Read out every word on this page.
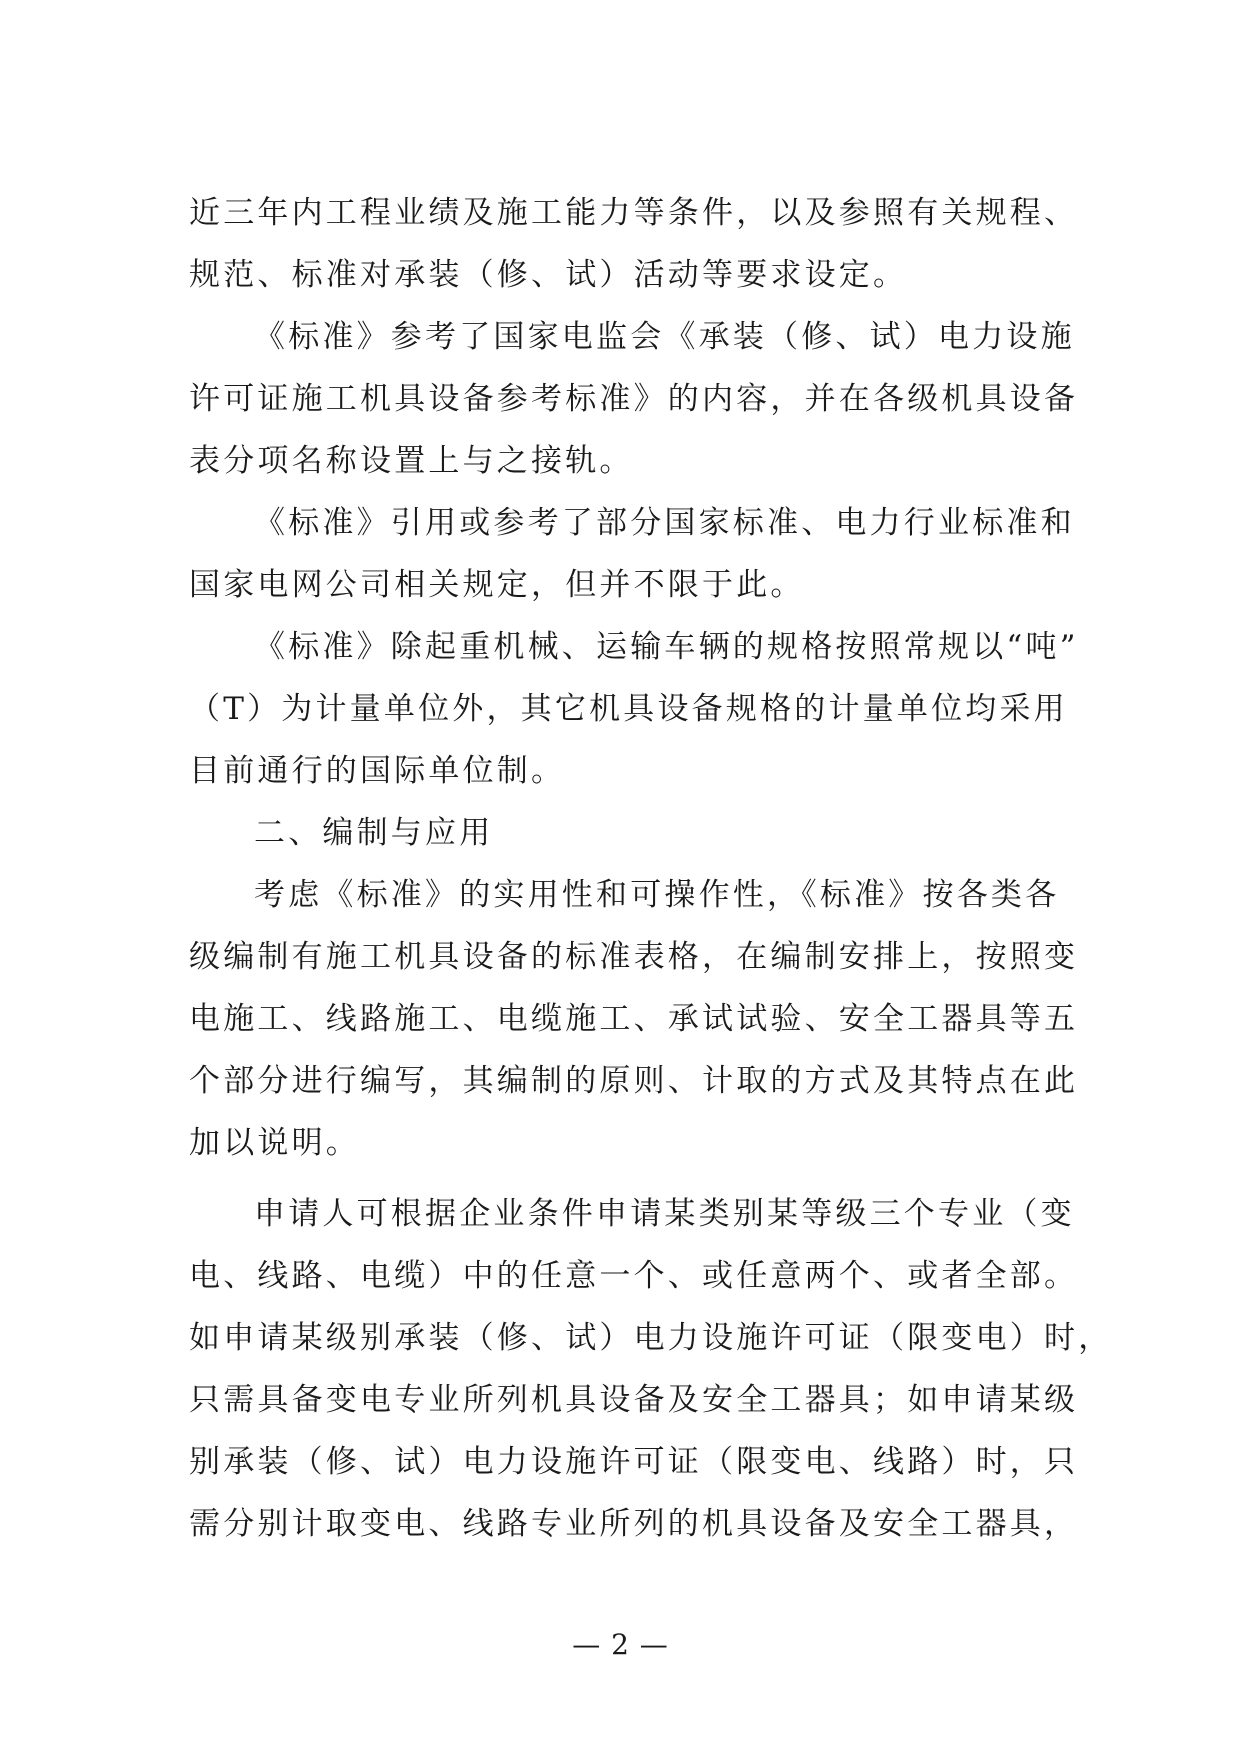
近三年内工程业绩及施工能力等条件，以及参照有关规程、
规范、标准对承装（修、试）活动等要求设定。
《标准》参考了国家电监会《承装（修、试）电力设施
许可证施工机具设备参考标准》的内容，并在各级机具设备
表分项名称设置上与之接轨。
《标准》引用或参考了部分国家标准、电力行业标准和
国家电网公司相关规定，但并不限于此。
《标准》除起重机械、运输车辆的规格按照常规以“吨”
（T）为计量单位外，其它机具设备规格的计量单位均采用
目前通行的国际单位制。
二、编制与应用
考虑《标准》的实用性和可操作性，《标准》按各类各
级编制有施工机具设备的标准表格，在编制安排上，按照变
电施工、线路施工、电缆施工、承试试验、安全工器具等五
个部分进行编写，其编制的原则、计取的方式及其特点在此
加以说明。
申请人可根据企业条件申请某类别某等级三个专业（变
电、线路、电缆）中的任意一个、或任意两个、或者全部。
如申请某级别承装（修、试）电力设施许可证（限变电）时，
只需具备变电专业所列机具设备及安全工器具；如申请某级
别承装（修、试）电力设施许可证（限变电、线路）时，只
需分别计取变电、线路专业所列的机具设备及安全工器具，
— 2 —
